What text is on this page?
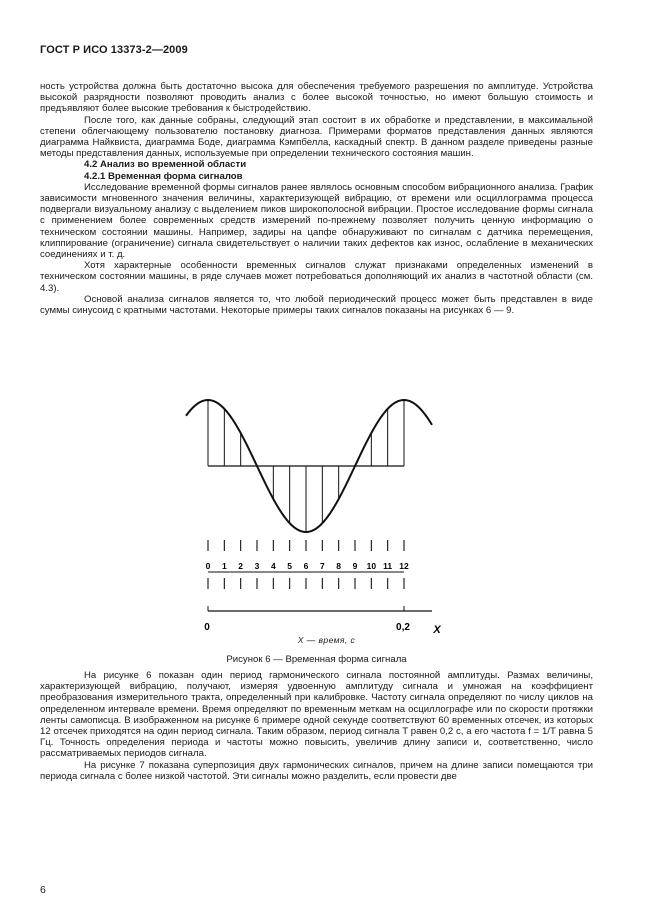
ГОСТ Р ИСО 13373-2—2009

ность устройства должна быть достаточно высока для обеспечения требуемого разрешения по амплитуде. Устройства высокой разрядности позволяют проводить анализ с более высокой точностью, но имеют большую стоимость и предъявляют более высокие требования к быстродействию.

После того, как данные собраны, следующий этап состоит в их обработке и представлении, в максимальной степени облегчающему пользователю постановку диагноза. Примерами форматов представления данных являются диаграмма Найквиста, диаграмма Боде, диаграмма Кэмпбелла, каскадный спектр. В данном разделе приведены разные методы представления данных, используемые при определении технического состояния машин.

4.2 Анализ во временной области

4.2.1 Временная форма сигналов

Исследование временной формы сигналов ранее являлось основным способом вибрационного анализа. График зависимости мгновенного значения величины, характеризующей вибрацию, от времени или осциллограмма процесса подвергали визуальному анализу с выделением пиков широкополосной вибрации. Простое исследование формы сигнала с применением более современных средств измерений по-прежнему позволяет получить ценную информацию о техническом состоянии машины. Например, задиры на цапфе обнаруживают по сигналам с датчика перемещения, клиппирование (ограничение) сигнала свидетельствует о наличии таких дефектов как износ, ослабление в механических соединениях и т. д.

Хотя характерные особенности временных сигналов служат признаками определенных изменений в техническом состоянии машины, в ряде случаев может потребоваться дополняющий их анализ в частотной области (см. 4.3).

Основой анализа сигналов является то, что любой периодический процесс может быть представлен в виде суммы синусоид с кратными частотами. Некоторые примеры таких сигналов показаны на рисунках 6 — 9.

0 1 2 3 4 5 6 7 8 9 10 11 12
0	0,2 X
X — время, с
Рисунок 6 — Временная форма сигнала

На рисунке 6 показан один период гармонического сигнала постоянной амплитуды. Размах величины, характеризующей вибрацию, получают, измеряя удвоенную амплитуду сигнала и умножая на коэффициент преобразования измерительного тракта, определенный при калибровке. Частоту сигнала определяют по числу циклов на определенном интервале времени. Время определяют по временным меткам на осциллографе или по скорости протяжки ленты самописца. В изображенном на рисунке 6 примере одной секунде соответствуют 60 временных отсечек, из которых 12 отсечек приходятся на один период сигнала. Таким образом, период сигнала T равен 0,2 с, а его частота f = 1/T равна 5 Гц. Точность определения периода и частоты можно повысить, увеличив длину записи и, соответственно, число рассматриваемых периодов сигнала.

На рисунке 7 показана суперпозиция двух гармонических сигналов, причем на длине записи помещаются три периода сигнала с более низкой частотой. Эти сигналы можно разделить, если провести две

6
